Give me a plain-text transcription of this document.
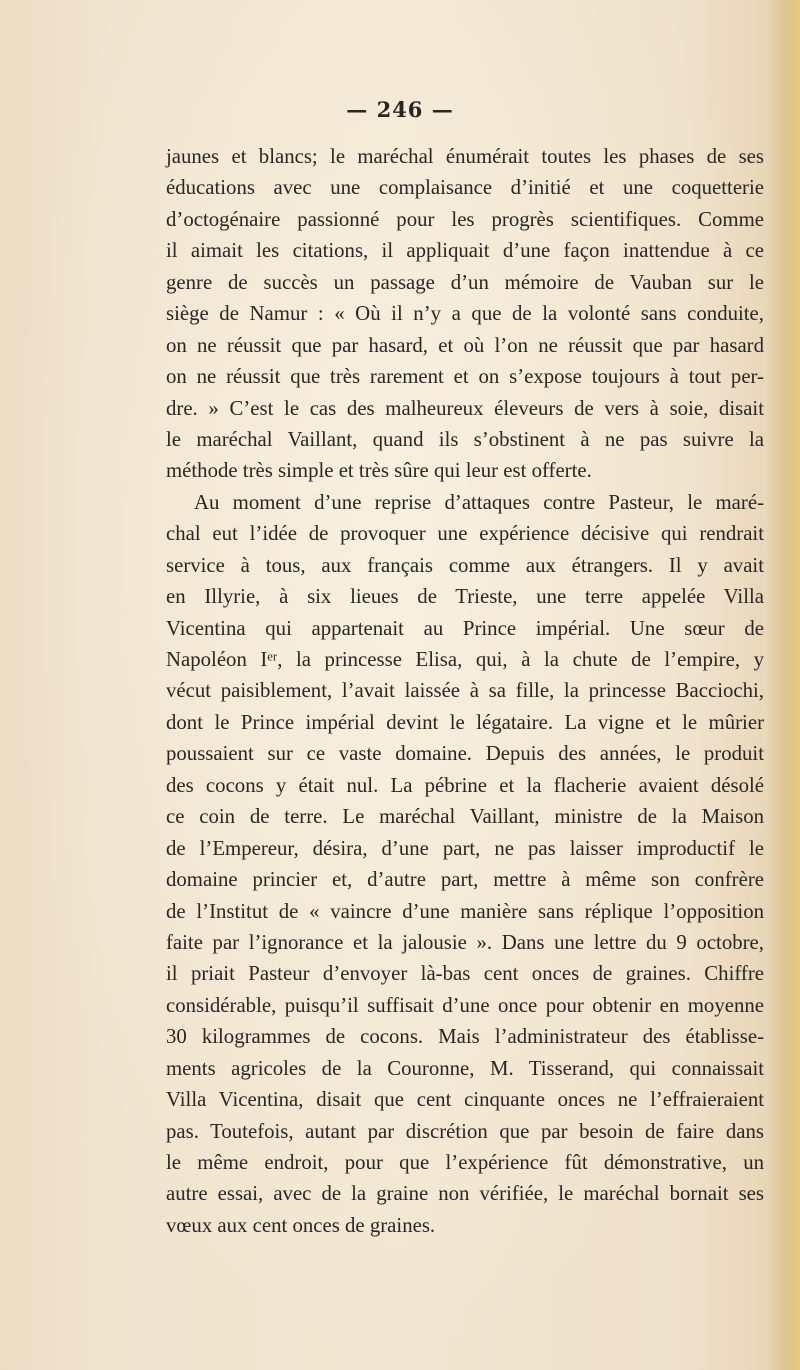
— 246 —
jaunes et blancs; le maréchal énumérait toutes les phases de ses
éducations avec une complaisance d’initié et une coquetterie
d’octogénaire passionné pour les progrès scientifiques. Comme
il aimait les citations, il appliquait d’une façon inattendue à ce
genre de succès un passage d’un mémoire de Vauban sur le
siège de Namur : « Où il n’y a que de la volonté sans conduite,
on ne réussit que par hasard, et où l’on ne réussit que par hasard
on ne réussit que très rarement et on s’expose toujours à tout per-
dre. » C’est le cas des malheureux éleveurs de vers à soie, disait
le maréchal Vaillant, quand ils s’obstinent à ne pas suivre la
méthode très simple et très sûre qui leur est offerte.
Au moment d’une reprise d’attaques contre Pasteur, le maré-
chal eut l’idée de provoquer une expérience décisive qui rendrait
service à tous, aux français comme aux étrangers. Il y avait
en Illyrie, à six lieues de Trieste, une terre appelée Villa
Vicentina qui appartenait au Prince impérial. Une sœur de
Napoléon Iᵉʳ, la princesse Elisa, qui, à la chute de l’empire, y
vécut paisiblement, l’avait laissée à sa fille, la princesse Bacciochi,
dont le Prince impérial devint le légataire. La vigne et le mûrier
poussaient sur ce vaste domaine. Depuis des années, le produit
des cocons y était nul. La pébrine et la flacherie avaient désolé
ce coin de terre. Le maréchal Vaillant, ministre de la Maison
de l’Empereur, désira, d’une part, ne pas laisser improductif le
domaine princier et, d’autre part, mettre à même son confrère
de l’Institut de « vaincre d’une manière sans réplique l’opposition
faite par l’ignorance et la jalousie ». Dans une lettre du 9 octobre,
il priait Pasteur d’envoyer là-bas cent onces de graines. Chiffre
considérable, puisqu’il suffisait d’une once pour obtenir en moyenne
30 kilogrammes de cocons. Mais l’administrateur des établisse-
ments agricoles de la Couronne, M. Tisserand, qui connaissait
Villa Vicentina, disait que cent cinquante onces ne l’effraieraient
pas. Toutefois, autant par discrétion que par besoin de faire dans
le même endroit, pour que l’expérience fût démonstrative, un
autre essai, avec de la graine non vérifiée, le maréchal bornait ses
vœux aux cent onces de graines.
